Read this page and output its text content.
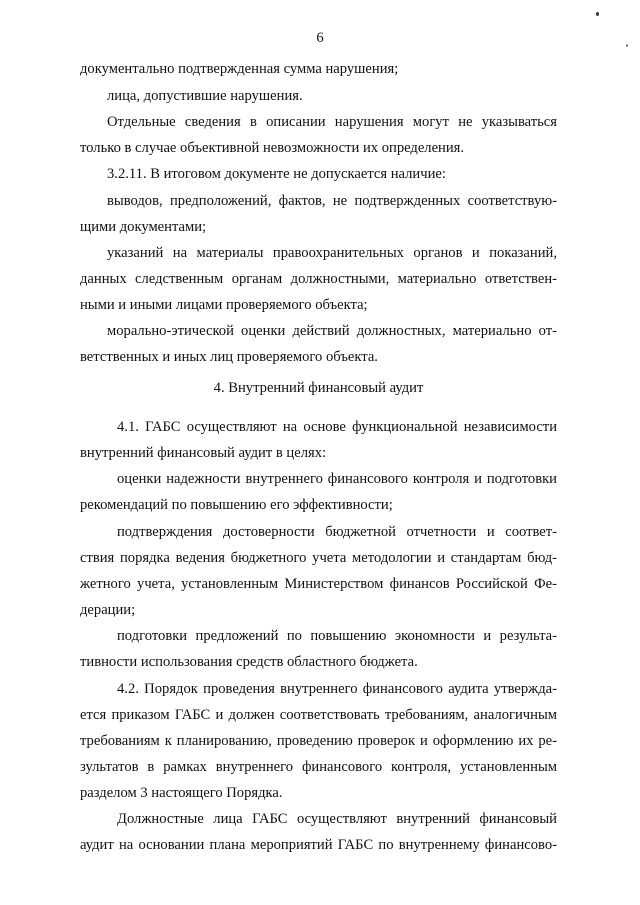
6
документально подтвержденная сумма нарушения;
лица, допустившие нарушения.
Отдельные сведения в описании нарушения могут не указываться
только в случае объективной невозможности их определения.
3.2.11. В итоговом документе не допускается наличие:
выводов, предположений, фактов, не подтвержденных соответствую-
щими документами;
указаний на материалы правоохранительных органов и показаний,
данных следственным органам должностными, материально ответствен-
ными и иными лицами проверяемого объекта;
морально-этической оценки действий должностных, материально от-
ветственных и иных лиц проверяемого объекта.
4. Внутренний финансовый аудит
4.1. ГАБС осуществляют на основе функциональной независимости
внутренний финансовый аудит в целях:
оценки надежности внутреннего финансового контроля и подготовки
рекомендаций по повышению его эффективности;
подтверждения достоверности бюджетной отчетности и соответ-
ствия порядка ведения бюджетного учета методологии и стандартам бюд-
жетного учета, установленным Министерством финансов Российской Фе-
дерации;
подготовки предложений по повышению экономности и результа-
тивности использования средств областного бюджета.
4.2. Порядок проведения внутреннего финансового аудита утвержда-
ется приказом ГАБС и должен соответствовать требованиям, аналогичным
требованиям к планированию, проведению проверок и оформлению их ре-
зультатов в рамках внутреннего финансового контроля, установленным
разделом 3 настоящего Порядка.
Должностные лица ГАБС осуществляют внутренний финансовый
аудит на основании плана мероприятий ГАБС по внутреннему финансово-
